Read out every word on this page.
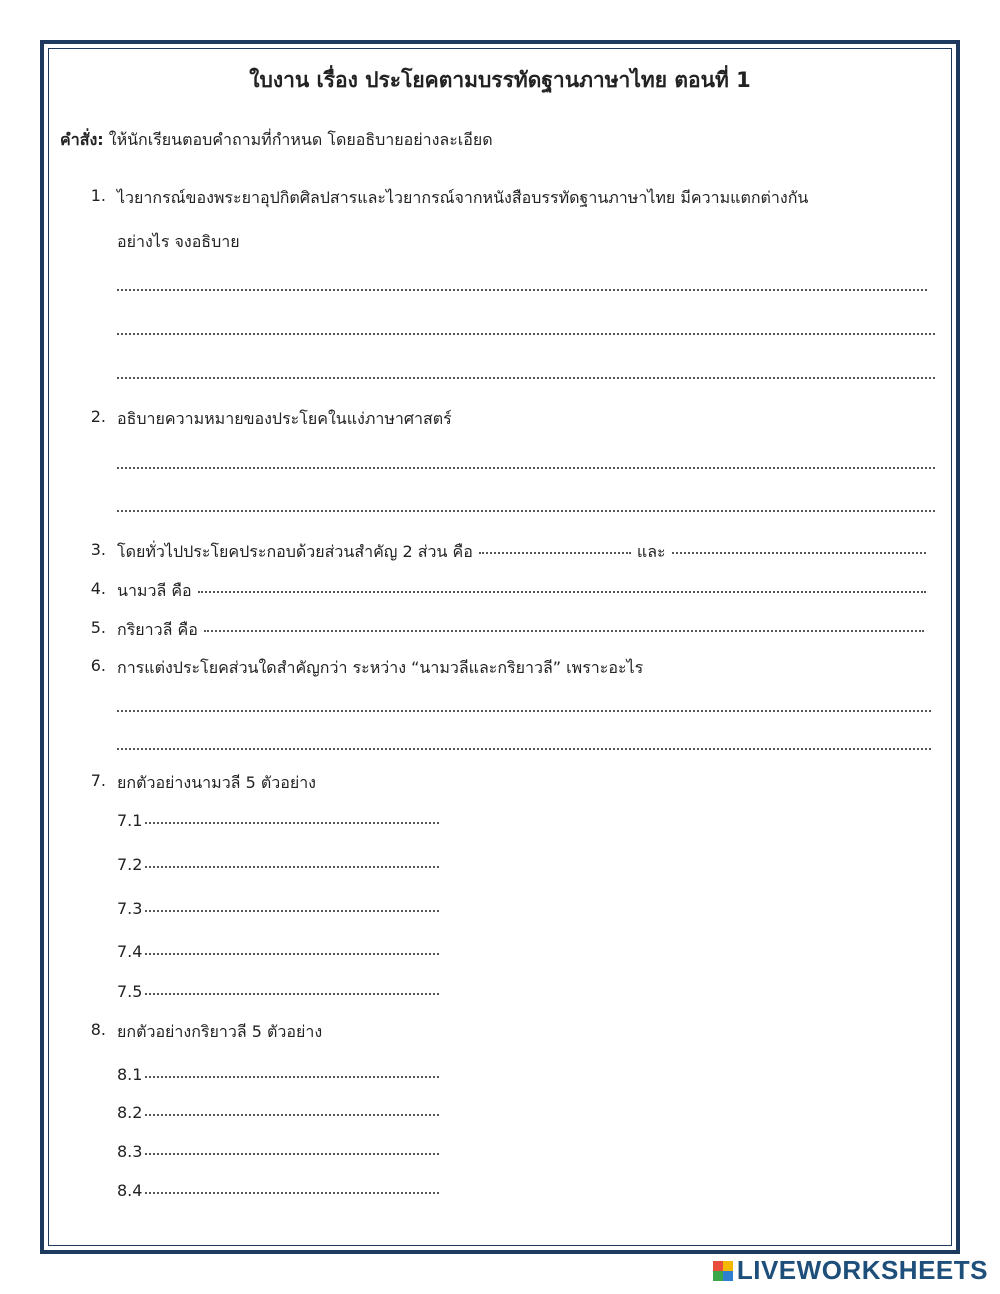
ใบงาน เรื่อง ประโยคตามบรรทัดฐานภาษาไทย ตอนที่ 1
คำสั่ง: ให้นักเรียนตอบคำถามที่กำหนด โดยอธิบายอย่างละเอียด
1. ไวยากรณ์ของพระยาอุปกิตศิลปสารและไวยากรณ์จากหนังสือบรรทัดฐานภาษาไทย มีความแตกต่างกัน
อย่างไร จงอธิบาย
2. อธิบายความหมายของประโยคในแง่ภาษาศาสตร์
3. โดยทั่วไปประโยคประกอบด้วยส่วนสำคัญ 2 ส่วน คือ	และ
4. นามวลี คือ
5. กริยาวลี คือ
6. การแต่งประโยคส่วนใดสำคัญกว่า ระหว่าง “นามวลีและกริยาวลี” เพราะอะไร
7. ยกตัวอย่างนามวลี 5 ตัวอย่าง
7.1
7.2
7.3
7.4
7.5
8. ยกตัวอย่างกริยาวลี 5 ตัวอย่าง
8.1
8.2
8.3
8.4
LIVEWORKSHEETS
